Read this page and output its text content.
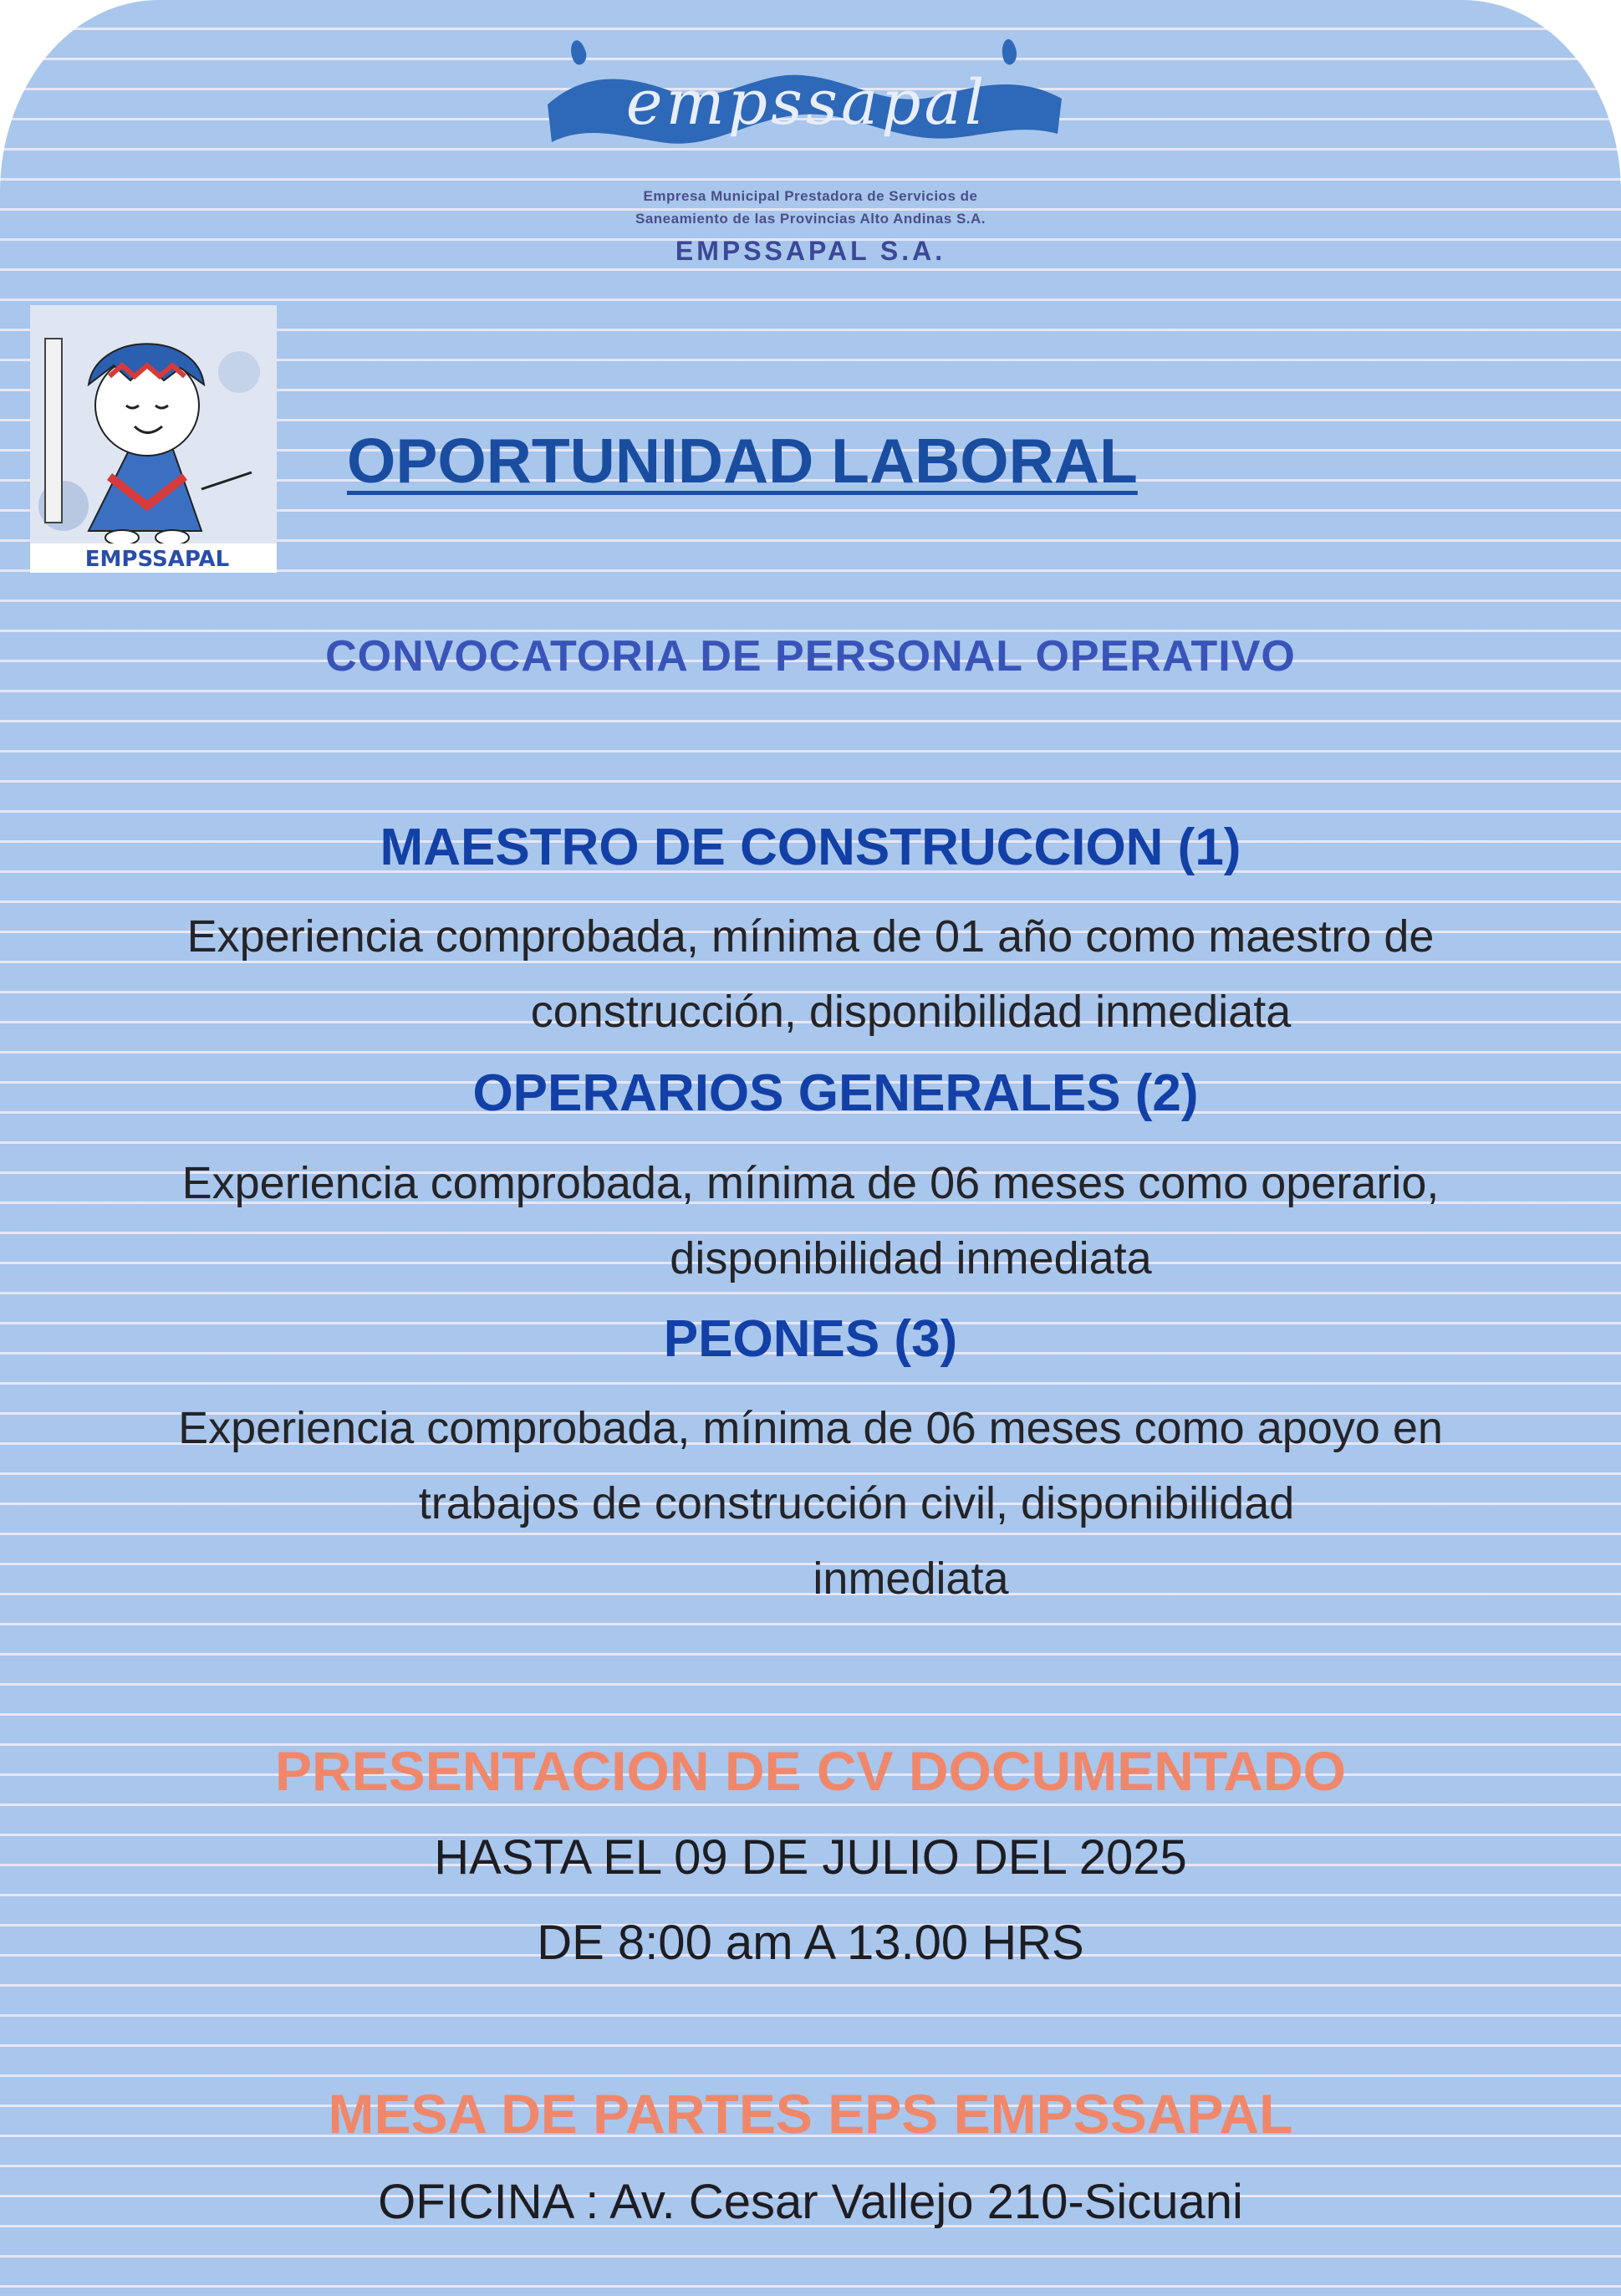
empssapal
Empresa Municipal Prestadora de Servicios de
Saneamiento de las Provincias Alto Andinas S.A.
EMPSSAPAL S.A.
EMPSSAPAL
OPORTUNIDAD LABORAL
CONVOCATORIA DE PERSONAL OPERATIVO
MAESTRO DE CONSTRUCCION (1)
Experiencia comprobada, mínima de 01 año como maestro de
construcción, disponibilidad inmediata
OPERARIOS GENERALES (2)
Experiencia comprobada, mínima de 06 meses como operario,
disponibilidad inmediata
PEONES (3)
Experiencia comprobada, mínima de 06 meses como apoyo en
trabajos de construcción civil, disponibilidad
inmediata
PRESENTACION DE CV DOCUMENTADO
HASTA EL 09 DE JULIO DEL 2025
DE 8:00 am A 13.00 HRS
MESA DE PARTES EPS EMPSSAPAL
OFICINA : Av. Cesar Vallejo 210-Sicuani
